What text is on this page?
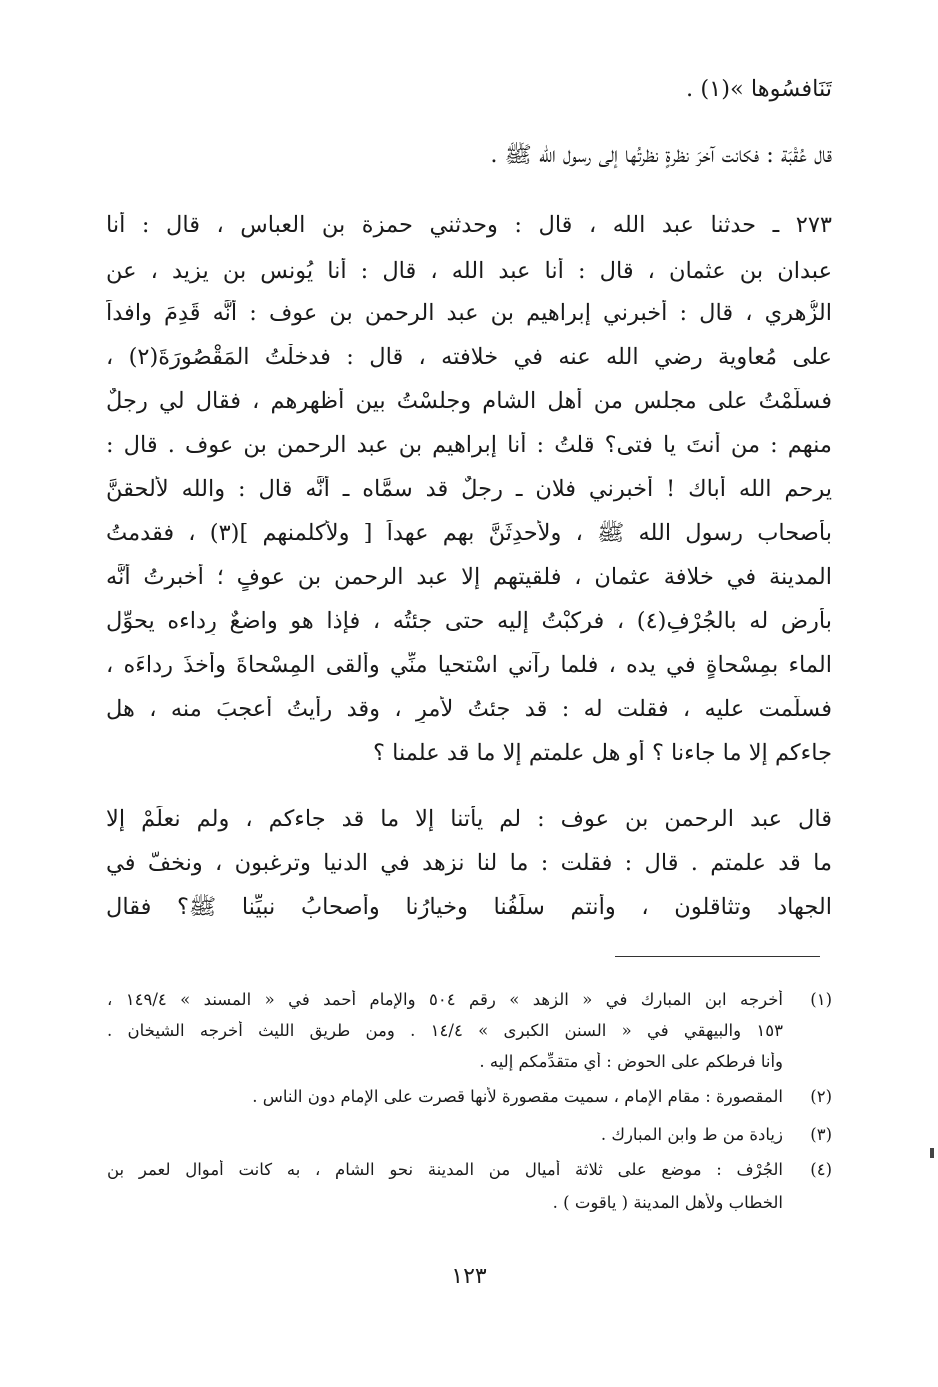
تَنَافسُوها »(١) .
قال عُقْبَة : فكانت آخرَ نظرةٍ نظرتُها إلى رسول الله ﷺ .
٢٧٣ ـ حدثنا عبد الله ، قال : وحدثني حمزة بن العباس ، قال : أنا
عبدان بن عثمان ، قال : أنا عبد الله ، قال : أنا يُونس بن يزيد ، عن
الزُّهري ، قال : أخبرني إبراهيم بن عبد الرحمن بن عوف : أنَّه قَدِمَ وافداً
على مُعاوية رضي الله عنه في خلافته ، قال : فدخلْتُ المَقْصُورَةَ(٢) ،
فسلَّمْتُ على مجلس من أهل الشام وجلسْتُ بين أظهرهم ، فقال لي رجلٌ
منهم : من أنتَ يا فتى؟ قلتُ : أنا إبراهيم بن عبد الرحمن بن عوف . قال :
يرحم الله أباك ! أخبرني فلان ـ رجلٌ قد سمَّاه ـ أنَّه قال : والله لألحقنَّ
بأصحاب رسول الله ﷺ ، ولأحدِثَنَّ بهم عهداً [ ولأكلمنهم ](٣) ، فقدمتُ
المدينة في خلافة عثمان ، فلقيتهم إلا عبد الرحمن بن عوفٍ ؛ أُخبرتُ أنَّه
بأرضٍ له بالجُرْفِ(٤) ، فركبْتُ إليه حتى جئتُه ، فإذا هو واضعٌ رِداءه يحوِّل
الماء بمِسْحاةٍ في يده ، فلما رآني اسْتحيا منِّي وألقى المِسْحاةَ وأخذَ رداءَه ،
فسلَّمت عليه ، فقلت له : قد جئتُ لأمرٍ ، وقد رأيتُ أعجبَ منه ، هل
جاءكم إلا ما جاءنا ؟ أو هل علمتم إلا ما قد علمنا ؟
قال عبد الرحمن بن عوف : لم يأتنا إلا ما قد جاءكم ، ولم نعلَمْ إلا
ما قد علمتم . قال : فقلت : ما لنا نزهد في الدنيا وترغبون ، ونخفّ في
الجهاد وتثاقلون ، وأنتم سلَفُنا وخيارُنا وأصحابُ نبيِّنا ﷺ؟ فقال
(١)
أخرجه ابن المبارك في « الزهد » رقم ٥٠٤ والإمام أحمد في « المسند » ١٤٩/٤ ،
١٥٣ والبيهقي في « السنن الكبرى » ١٤/٤ . ومن طريق الليث أخرجه الشيخان .
وأنا فرطكم على الحوض : أي متقدِّمكم إليه .
(٢)
المقصورة : مقام الإمام ، سميت مقصورة لأنها قصرت على الإمام دون الناس .
(٣)
زيادة من ط وابن المبارك .
(٤)
الجُرْف : موضع على ثلاثة أميال من المدينة نحو الشام ، به كانت أموال لعمر بن
الخطاب ولأهل المدينة ( ياقوت ) .
١٢٣
